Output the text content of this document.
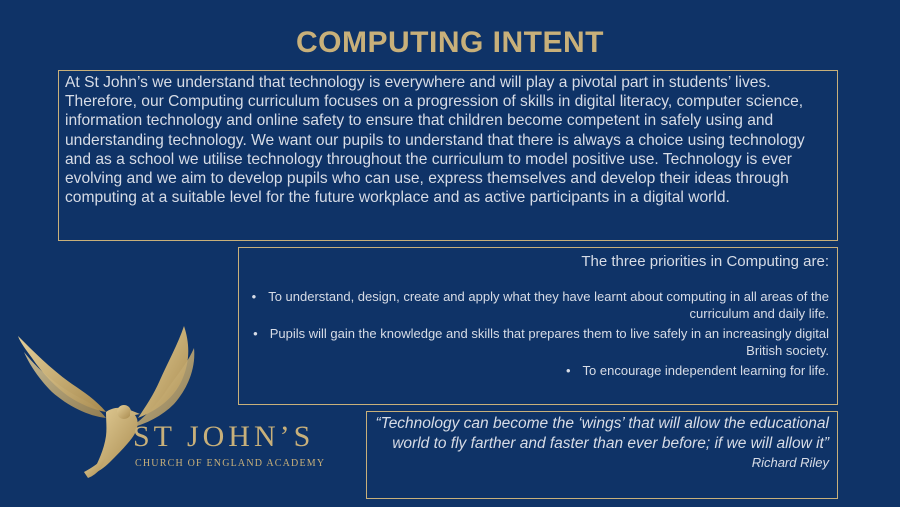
COMPUTING INTENT

At St John’s we understand that technology is everywhere and will play a pivotal part in students’ lives. Therefore, our Computing curriculum focuses on a progression of skills in digital literacy, computer science, information technology and online safety to ensure that children become competent in safely using and understanding technology. We want our pupils to understand that there is always a choice using technology and as a school we utilise technology throughout the curriculum to model positive use. Technology is ever evolving and we aim to develop pupils who can use, express themselves and develop their ideas through computing at a suitable level for the future workplace and as active participants in a digital world.

The three priorities in Computing are:

• To understand, design, create and apply what they have learnt about computing in all areas of the curriculum and daily life.
• Pupils will gain the knowledge and skills that prepares them to live safely in an increasingly digital British society.
• To encourage independent learning for life.

“Technology can become the ‘wings’ that will allow the educational world to fly farther and faster than ever before; if we will allow it”

Richard Riley

ST JOHN’S
CHURCH OF ENGLAND ACADEMY
